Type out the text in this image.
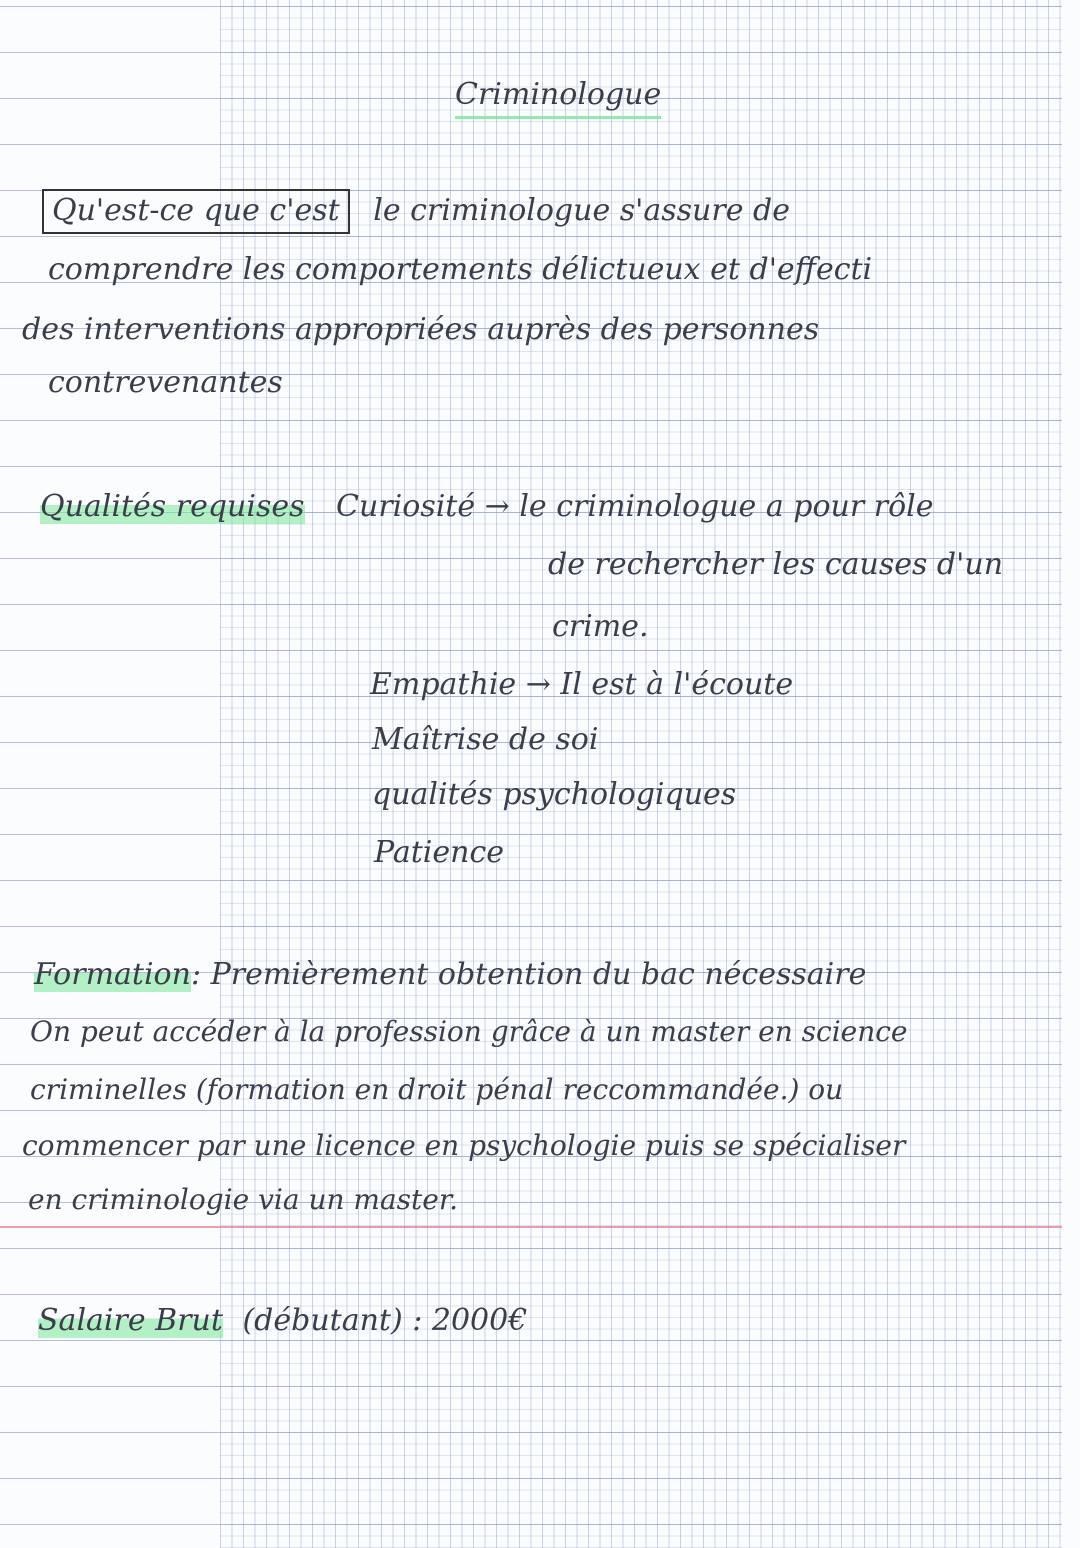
Criminologue
Qu'est-ce que c'est le criminologue s'assure de
comprendre les comportements délictueux et d'effecti
des interventions appropriées auprès des personnes
contrevenantes
Qualités requises Curiosité → le criminologue a pour rôle
de rechercher les causes d'un
crime.
Empathie → Il est à l'écoute
Maîtrise de soi
qualités psychologiques
Patience
Formation: Premièrement obtention du bac nécessaire
On peut accéder à la profession grâce à un master en science
criminelles (formation en droit pénal reccommandée.) ou
commencer par une licence en psychologie puis se spécialiser
en criminologie via un master.
Salaire Brut (débutant) : 2000€
